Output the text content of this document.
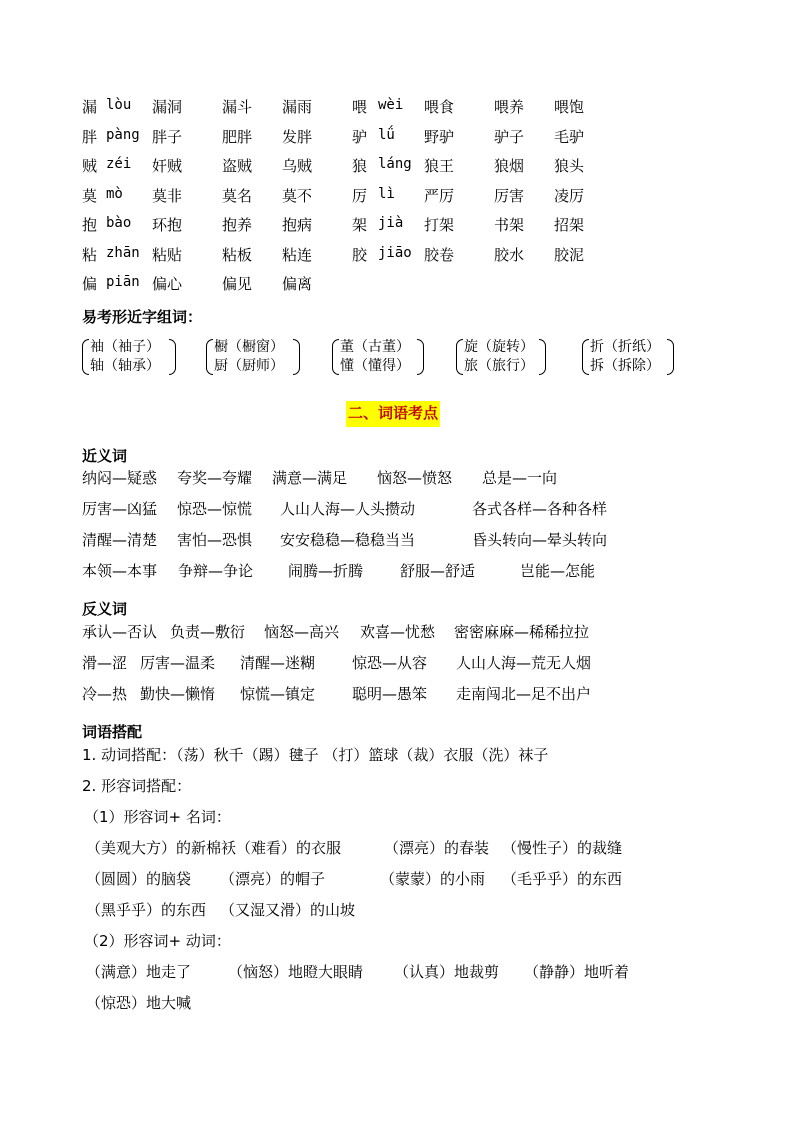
漏 lòu 漏洞	漏斗 漏雨	喂 wèi 喂食	喂养 喂饱
胖 pàng 胖子	肥胖 发胖	驴 lǘ 野驴	驴子 毛驴
贼 zéi 奸贼	盗贼 乌贼	狼 láng 狼王	狼烟 狼头
莫 mò 莫非	莫名 莫不	厉 lì 严厉	厉害 凌厉
抱 bào 环抱	抱养 抱病	架 jià 打架	书架 招架
粘 zhān 粘贴	粘板 粘连	胶 jiāo 胶卷	胶水 胶泥
偏 piān 偏心	偏见 偏离
易考形近字组词：
袖（袖子）
轴（轴承）
橱（橱窗）
厨（厨师）
董（古董）
懂（懂得）
旋（旋转）
旅（旅行）
折（折纸）
拆（拆除）
二、词语考点
近义词
纳闷—疑惑 夸奖—夸耀 满意—满足 恼怒—愤怒 总是—一向
厉害—凶猛 惊恐—惊慌 人山人海—人头攒动	各式各样—各种各样
清醒—清楚 害怕—恐惧 安安稳稳—稳稳当当	昏头转向—晕头转向
本领—本事 争辩—争论 闹腾—折腾 舒服—舒适	岂能—怎能
反义词
承认—否认 负责—敷衍 恼怒—高兴 欢喜—忧愁 密密麻麻—稀稀拉拉
滑—涩 厉害—温柔 清醒—迷糊 惊恐—从容 人山人海—荒无人烟
冷—热 勤快—懒惰 惊慌—镇定 聪明—愚笨 走南闯北—足不出户
词语搭配
1. 动词搭配：（荡）秋千（踢）毽子 （打）篮球（裁）衣服（洗）袜子
2. 形容词搭配：
（1）形容词+ 名词：
（美观大方）的新棉袄（难看）的衣服	（漂亮）的春装 （慢性子）的裁缝
（圆圆）的脑袋 （漂亮）的帽子	（蒙蒙）的小雨 （毛乎乎）的东西
（黑乎乎）的东西 （又湿又滑）的山坡
（2）形容词+ 动词：
（满意）地走了 （恼怒）地瞪大眼睛 （认真）地裁剪 （静静）地听着
（惊恐）地大喊
